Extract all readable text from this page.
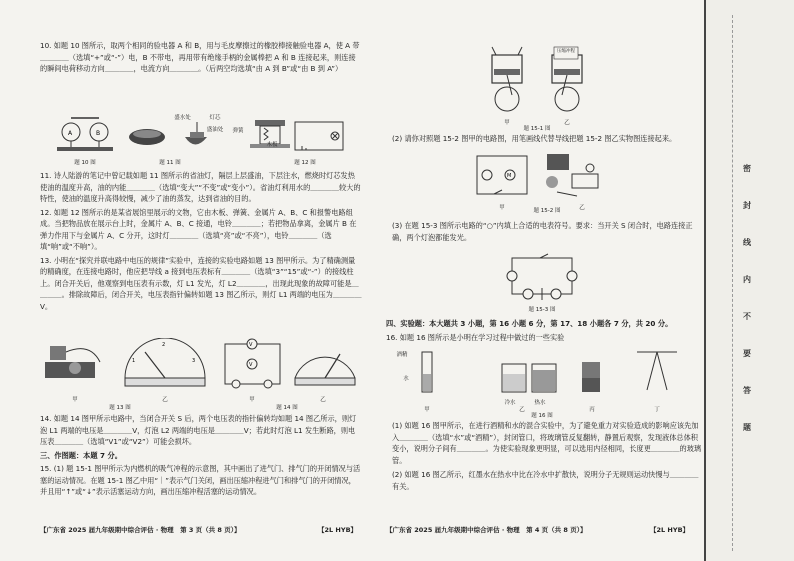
10. 如题 10 图所示，取两个相同的验电器 A 和 B，用与毛皮摩擦过的橡胶棒接触验电器 A，使 A 带＿＿＿＿（选填“+”或“-”）电，B 不带电，再用带有绝缘手柄的金属棒把 A 和 B 连接起来，则连接的瞬间电荷移动方向＿＿＿＿，电流方向＿＿＿＿。（后两空均选填“由 A 到 B”或“由 B 到 A”）

A	B
题 10 图
灯芯
盛水处
盛油处
题 11 图
弹簧
木板
题 12 图

11. 诗人陆游的笔记中曾记载如题 11 图所示的省油灯，隔层上层盛油，下层注水，燃烧时灯芯发热使油的温度升高，油的内能＿＿＿＿（选填“变大”“不变”或“变小”）。省油灯利用水的＿＿＿＿较大的特性，使油的温度升高得较慢，减少了油的蒸发，达到省油的目的。

12. 如题 12 图所示的是某省展馆里展示的文物，它由木板、弹簧、金属片 A、B、C 和报警电路组成。当把物品放在展示台上时，金属片 A、B、C 接通，电铃＿＿＿＿；若把物品拿离，金属片 B 在弹力作用下与金属片 A、C 分开，这时灯＿＿＿＿（选填“亮”或“不亮”），电铃＿＿＿＿（选填“响”或“不响”）。

13. 小明在“探究并联电路中电压的规律”实验中，连接的实验电路如题 13 图甲所示。为了精确测量的精确度，在连接电路时，他应把导线 a 接到电压表标有＿＿＿＿（选填“3”“15”或“-”）的接线柱上。闭合开关后，他观察到电压表有示数，灯 L1 发光，灯 L2＿＿＿＿，出现此现象的故障可能是＿＿＿＿。排除故障后，闭合开关，电压表指针偏转如题 13 图乙所示，则灯 L1 两端的电压为＿＿＿＿V。

1
2
3
V
V
甲	乙
题 13 图
甲	乙
题 14 图

14. 如题 14 图甲所示电路中，当闭合开关 S 后，两个电压表的指针偏转均如题 14 图乙所示，则灯泡 L1 两端的电压是＿＿＿＿V，灯泡 L2 两端的电压是＿＿＿＿V；若此时灯泡 L1 发生断路，则电压表＿＿＿＿（选填“V1”或“V2”）可能会损坏。

三、作图题：本题 7 分。

15. (1) 题 15-1 图甲所示为内燃机的吸气冲程的示意图，其中画出了进气门、排气门的开闭情况与活塞的运动情况。在题 15-1 图乙中用“｜”表示气门关闭，画出压缩冲程进气门和排气门的开闭情况，并且用“↑”或“↓”表示活塞运动方向，画出压缩冲程活塞的运动情况。

【广东省 2025 届九年级期中综合评估 · 物理　第 3 页（共 8 页）】	【2L HYB】
压缩冲程
甲	乙
题 15-1 图

(2) 请你对照题 15-2 图甲的电路图，用笔画线代替导线把题 15-2 图乙实物图连接起来。

M
甲	乙
题 15-2 图

(3) 在题 15-3 图所示电路的“○”内填上合适的电表符号。要求：当开关 S 闭合时，电路连接正确，两个灯泡都能发光。

题 15-3 图

四、实验题：本大题共 3 小题，第 16 小题 6 分，第 17、18 小题各 7 分，共 20 分。

16. 如题 16 图所示是小明在学习过程中做过的一些实验

酒精
水
冷水	热水
甲	乙	丙	丁
题 16 图

(1) 如题 16 图甲所示，在进行酒精和水的混合实验中，为了避免重力对实验造成的影响应该先加入＿＿＿＿（选填“水”或“酒精”），封闭管口，将玻璃管反复翻转，静置后观察，发现液体总体积变小，说明分子间有＿＿＿＿。为使实验现象更明显，可以选用内径相同，长度更＿＿＿＿的玻璃管。

(2) 如题 16 图乙所示，红墨水在热水中比在冷水中扩散快，说明分子无规则运动快慢与＿＿＿＿有关。

【广东省 2025 届九年级期中综合评估 · 物理　第 4 页（共 8 页）】	【2L HYB】
密
封
线
内
不
要
答
题
